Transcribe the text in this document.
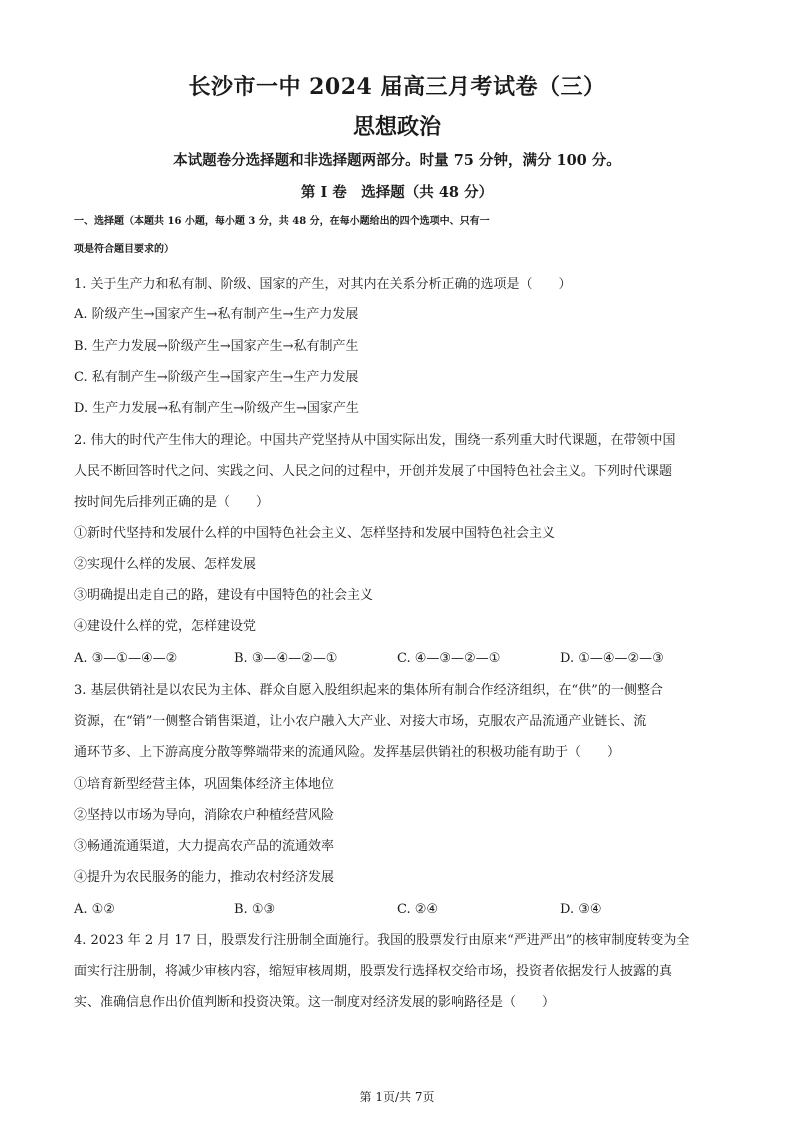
长沙市一中 2024 届高三月考试卷（三）
思想政治
本试题卷分选择题和非选择题两部分。时量 75 分钟，满分 100 分。
第 I 卷　选择题（共 48 分）
一、选择题（本题共 16 小题，每小题 3 分，共 48 分，在每小题给出的四个选项中、只有一
项是符合题目要求的）
1. 关于生产力和私有制、阶级、国家的产生，对其内在关系分析正确的选项是（　　）
A. 阶级产生→国家产生→私有制产生→生产力发展
B. 生产力发展→阶级产生→国家产生→私有制产生
C. 私有制产生→阶级产生→国家产生→生产力发展
D. 生产力发展→私有制产生→阶级产生→国家产生
2. 伟大的时代产生伟大的理论。中国共产党坚持从中国实际出发，围绕一系列重大时代课题，在带领中国
人民不断回答时代之问、实践之问、人民之问的过程中，开创并发展了中国特色社会主义。下列时代课题
按时间先后排列正确的是（　　）
①新时代坚持和发展什么样的中国特色社会主义、怎样坚持和发展中国特色社会主义
②实现什么样的发展、怎样发展
③明确提出走自己的路，建设有中国特色的社会主义
④建设什么样的党，怎样建设党
A. ③—①—④—②	B. ③—④—②—①	C. ④—③—②—①	D. ①—④—②—③
3. 基层供销社是以农民为主体、群众自愿入股组织起来的集体所有制合作经济组织，在“供”的一侧整合
资源，在“销”一侧整合销售渠道，让小农户融入大产业、对接大市场，克服农产品流通产业链长、流
通环节多、上下游高度分散等弊端带来的流通风险。发挥基层供销社的积极功能有助于（　　）
①培育新型经营主体，巩固集体经济主体地位
②坚持以市场为导向，消除农户种植经营风险
③畅通流通渠道，大力提高农产品的流通效率
④提升为农民服务的能力，推动农村经济发展
A. ①②	B. ①③	C. ②④	D. ③④
4. 2023 年 2 月 17 日，股票发行注册制全面施行。我国的股票发行由原来“严进严出”的核审制度转变为全
面实行注册制，将减少审核内容，缩短审核周期，股票发行选择权交给市场，投资者依据发行人披露的真
实、准确信息作出价值判断和投资决策。这一制度对经济发展的影响路径是（　　）
第 1页/共 7页
